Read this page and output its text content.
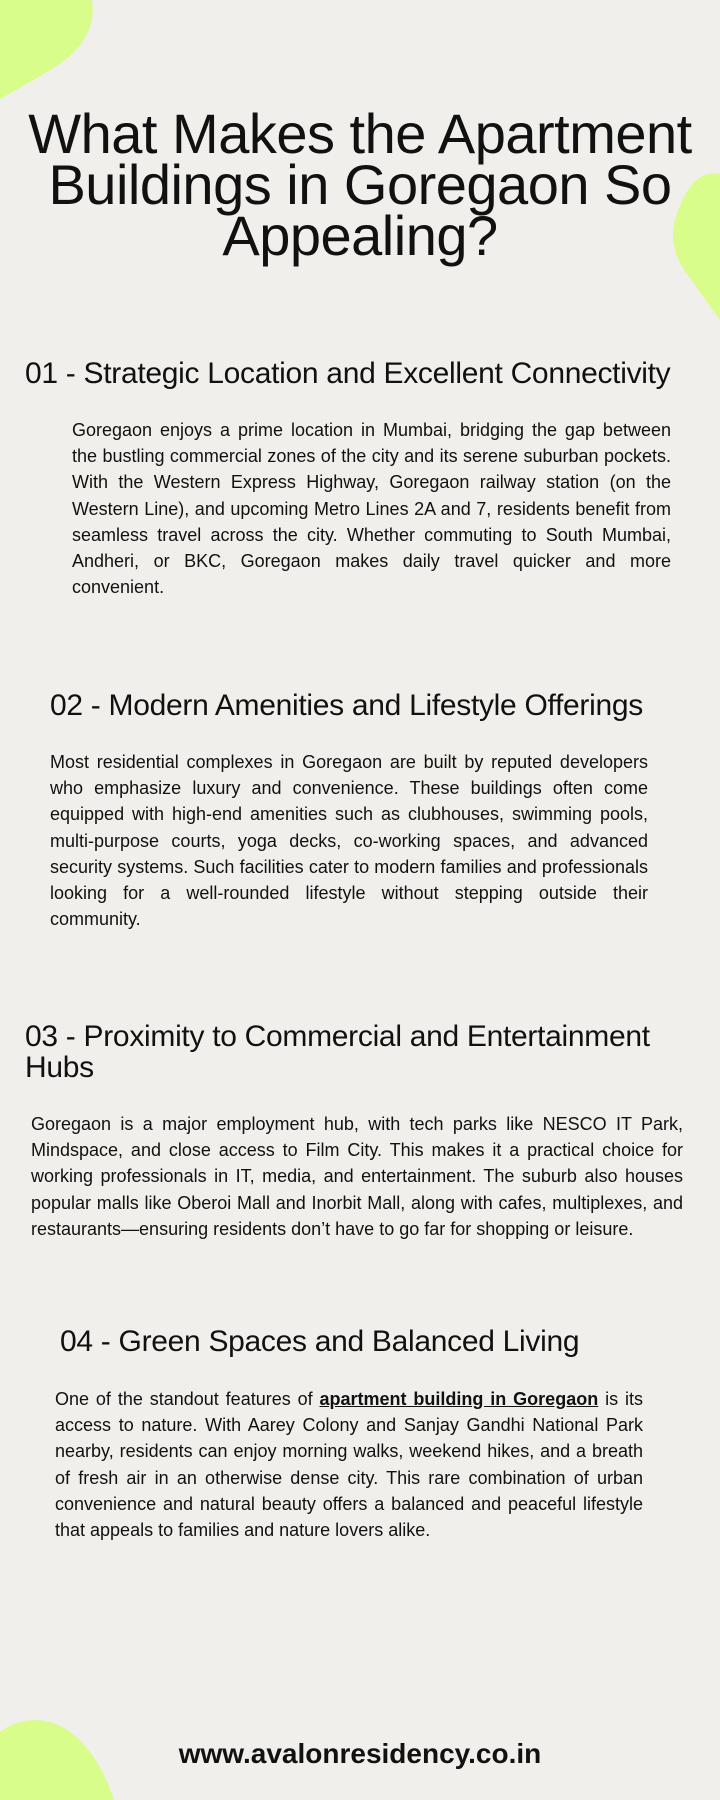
What Makes the Apartment Buildings in Goregaon So Appealing?
01 - Strategic Location and Excellent Connectivity

Goregaon enjoys a prime location in Mumbai, bridging the gap between the bustling commercial zones of the city and its serene suburban pockets. With the Western Express Highway, Goregaon railway station (on the Western Line), and upcoming Metro Lines 2A and 7, residents benefit from seamless travel across the city. Whether commuting to South Mumbai, Andheri, or BKC, Goregaon makes daily travel quicker and more convenient.

02 - Modern Amenities and Lifestyle Offerings

Most residential complexes in Goregaon are built by reputed developers who emphasize luxury and convenience. These buildings often come equipped with high-end amenities such as clubhouses, swimming pools, multi-purpose courts, yoga decks, co-working spaces, and advanced security systems. Such facilities cater to modern families and professionals looking for a well-rounded lifestyle without stepping outside their community.

03 - Proximity to Commercial and Entertainment Hubs

Goregaon is a major employment hub, with tech parks like NESCO IT Park, Mindspace, and close access to Film City. This makes it a practical choice for working professionals in IT, media, and entertainment. The suburb also houses popular malls like Oberoi Mall and Inorbit Mall, along with cafes, multiplexes, and restaurants—ensuring residents don’t have to go far for shopping or leisure.

04 - Green Spaces and Balanced Living

One of the standout features of apartment building in Goregaon is its access to nature. With Aarey Colony and Sanjay Gandhi National Park nearby, residents can enjoy morning walks, weekend hikes, and a breath of fresh air in an otherwise dense city. This rare combination of urban convenience and natural beauty offers a balanced and peaceful lifestyle that appeals to families and nature lovers alike.

www.avalonresidency.co.in
